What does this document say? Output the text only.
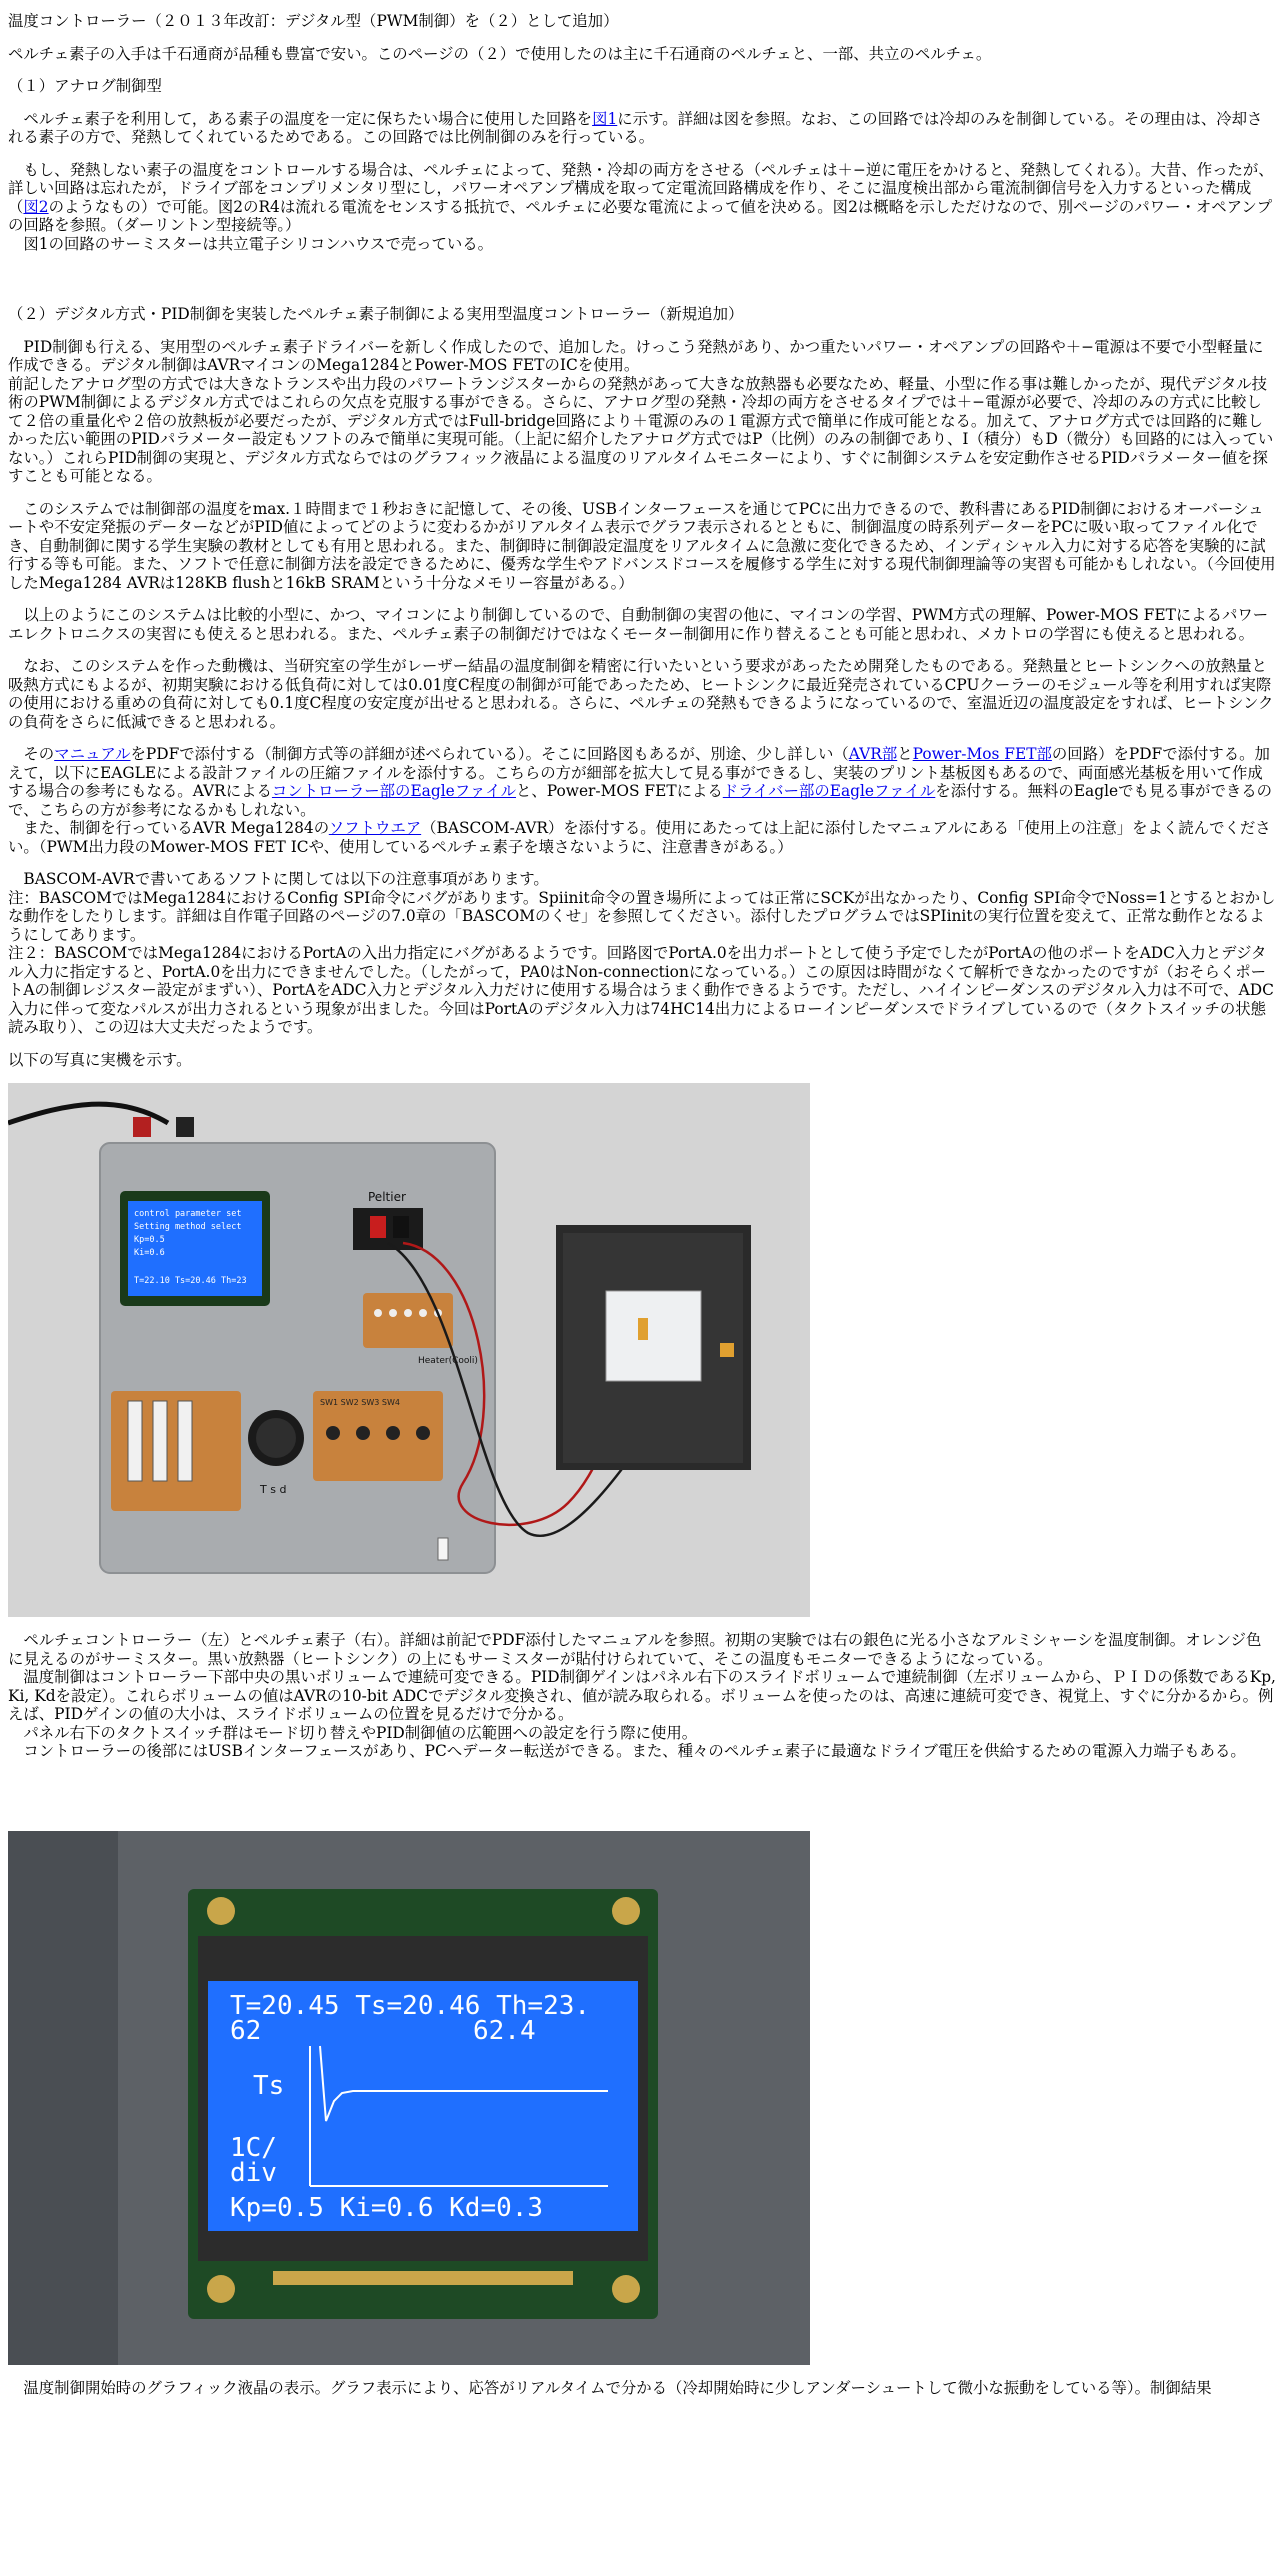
温度コントローラー（２０１３年改訂：デジタル型（PWM制御）を（２）として追加）

ペルチェ素子の入手は千石通商が品種も豊富で安い。このページの（２）で使用したのは主に千石通商のペルチェと、一部、共立のペルチェ。

（１）アナログ制御型

　ペルチェ素子を利用して，ある素子の温度を一定に保ちたい場合に使用した回路を図1に示す。詳細は図を参照。なお、この回路では冷却のみを制御している。その理由は、冷却される素子の方で、発熱してくれているためである。この回路では比例制御のみを行っている。

　もし、発熱しない素子の温度をコントロールする場合は、ペルチェによって、発熱・冷却の両方をさせる（ペルチェは＋−逆に電圧をかけると、発熱してくれる）。大昔、作ったが、詳しい回路は忘れたが，ドライブ部をコンプリメンタリ型にし，パワーオペアンプ構成を取って定電流回路構成を作り、そこに温度検出部から電流制御信号を入力するといった構成（図2のようなもの）で可能。図2のR4は流れる電流をセンスする抵抗で、ペルチェに必要な電流によって値を決める。図2は概略を示しただけなので、別ページのパワー・オペアンプの回路を参照。（ダーリントン型接続等。）

　図1の回路のサーミスターは共立電子シリコンハウスで売っている。

（２）デジタル方式・PID制御を実装したペルチェ素子制御による実用型温度コントローラー（新規追加）

　PID制御も行える、実用型のペルチェ素子ドライバーを新しく作成したので、追加した。けっこう発熱があり、かつ重たいパワー・オペアンプの回路や＋−電源は不要で小型軽量に作成できる。デジタル制御はAVRマイコンのMega1284とPower-MOS FETのICを使用。

前記したアナログ型の方式では大きなトランスや出力段のパワートランジスターからの発熱があって大きな放熱器も必要なため、軽量、小型に作る事は難しかったが、現代デジタル技術のPWM制御によるデジタル方式ではこれらの欠点を克服する事ができる。さらに、アナログ型の発熱・冷却の両方をさせるタイプでは＋−電源が必要で、冷却のみの方式に比較して２倍の重量化や２倍の放熱板が必要だったが、デジタル方式ではFull-bridge回路により＋電源のみの１電源方式で簡単に作成可能となる。加えて、アナログ方式では回路的に難しかった広い範囲のPIDパラメーター設定もソフトのみで簡単に実現可能。（上記に紹介したアナログ方式ではP（比例）のみの制御であり、I（積分）もD（微分）も回路的には入っていない。）これらPID制御の実現と、デジタル方式ならではのグラフィック液晶による温度のリアルタイムモニターにより、すぐに制御システムを安定動作させるPIDパラメーター値を探すことも可能となる。

　このシステムでは制御部の温度をmax.１時間まで１秒おきに記憶して、その後、USBインターフェースを通じてPCに出力できるので、教科書にあるPID制御におけるオーバーシュートや不安定発振のデーターなどがPID値によってどのように変わるかがリアルタイム表示でグラフ表示されるとともに、制御温度の時系列データーをPCに吸い取ってファイル化でき、自動制御に関する学生実験の教材としても有用と思われる。また、制御時に制御設定温度をリアルタイムに急激に変化できるため、インディシャル入力に対する応答を実験的に試行する等も可能。また、ソフトで任意に制御方法を設定できるために、優秀な学生やアドバンスドコースを履修する学生に対する現代制御理論等の実習も可能かもしれない。（今回使用したMega1284 AVRは128KB flushと16kB SRAMという十分なメモリー容量がある。）

　以上のようにこのシステムは比較的小型に、かつ、マイコンにより制御しているので、自動制御の実習の他に、マイコンの学習、PWM方式の理解、Power-MOS FETによるパワーエレクトロニクスの実習にも使えると思われる。また、ペルチェ素子の制御だけではなくモーター制御用に作り替えることも可能と思われ、メカトロの学習にも使えると思われる。

　なお、このシステムを作った動機は、当研究室の学生がレーザー結晶の温度制御を精密に行いたいという要求があったため開発したものである。発熱量とヒートシンクへの放熱量と吸熱方式にもよるが、初期実験における低負荷に対しては0.01度C程度の制御が可能であったため、ヒートシンクに最近発売されているCPUクーラーのモジュール等を利用すれば実際の使用における重めの負荷に対しても0.1度C程度の安定度が出せると思われる。さらに、ペルチェの発熱もできるようになっているので、室温近辺の温度設定をすれば、ヒートシンクの負荷をさらに低減できると思われる。

　そのマニュアルをPDFで添付する（制御方式等の詳細が述べられている）。そこに回路図もあるが、別途、少し詳しい（AVR部とPower-Mos FET部の回路）をPDFで添付する。加えて，以下にEAGLEによる設計ファイルの圧縮ファイルを添付する。こちらの方が細部を拡大して見る事ができるし、実装のプリント基板図もあるので、両面感光基板を用いて作成する場合の参考にもなる。AVRによるコントローラー部のEagleファイルと、Power-MOS FETによるドライバー部のEagleファイルを添付する。無料のEagleでも見る事ができるので、こちらの方が参考になるかもしれない。

　また、制御を行っているAVR Mega1284のソフトウエア（BASCOM-AVR）を添付する。使用にあたっては上記に添付したマニュアルにある「使用上の注意」をよく読んでください。（PWM出力段のMower-MOS FET ICや、使用しているペルチェ素子を壊さないように、注意書きがある。）

　BASCOM-AVRで書いてあるソフトに関しては以下の注意事項があります。

注：BASCOMではMega1284におけるConfig SPI命令にバグがあります。Spiinit命令の置き場所によっては正常にSCKが出なかったり、Config SPI命令でNoss=1とするとおかしな動作をしたりします。詳細は自作電子回路のページの7.0章の「BASCOMのくせ」を参照してください。添付したプログラムではSPIinitの実行位置を変えて、正常な動作となるようにしてあります。

注２：BASCOMではMega1284におけるPortAの入出力指定にバグがあるようです。回路図でPortA.0を出力ポートとして使う予定でしたがPortAの他のポートをADC入力とデジタル入力に指定すると、PortA.0を出力にできませんでした。（したがって，PA0はNon-connectionになっている。）この原因は時間がなくて解析できなかったのですが（おそらくポートAの制御レジスター設定がまずい）、PortAをADC入力とデジタル入力だけに使用する場合はうまく動作できるようです。ただし、ハイインピーダンスのデジタル入力は不可で、ADC入力に伴って変なパルスが出力されるという現象が出ました。今回はPortAのデジタル入力は74HC14出力によるローインピーダンスでドライブしているので（タクトスイッチの状態読み取り）、この辺は大丈夫だったようです。

以下の写真に実機を示す。

control parameter set
Setting method select
Kp=0.5
Ki=0.6
T=22.10 Ts=20.46 Th=23
Peltier
Heater(Cooli)
T s d
SW1 SW2 SW3 SW4

　ペルチェコントローラー（左）とペルチェ素子（右）。詳細は前記でPDF添付したマニュアルを参照。初期の実験では右の銀色に光る小さなアルミシャーシを温度制御。オレンジ色に見えるのがサーミスター。黒い放熱器（ヒートシンク）の上にもサーミスターが貼付けられていて、そこの温度もモニターできるようになっている。

　温度制御はコントローラー下部中央の黒いボリュームで連続可変できる。PID制御ゲインはパネル右下のスライドボリュームで連続制御（左ボリュームから、ＰＩＤの係数であるKp, Ki, Kdを設定）。これらボリュームの値はAVRの10-bit ADCでデジタル変換され、値が読み取られる。ボリュームを使ったのは、高速に連続可変でき、視覚上、すぐに分かるから。例えば、PIDゲインの値の大小は、スライドボリュームの位置を見るだけで分かる。

　パネル右下のタクトスイッチ群はモード切り替えやPID制御値の広範囲への設定を行う際に使用。

　コントローラーの後部にはUSBインターフェースがあり、PCへデーター転送ができる。また、種々のペルチェ素子に最適なドライブ電圧を供給するための電源入力端子もある。

T=20.45 Ts=20.46 Th=23.
62	62.4
Ts
1C/
div
Kp=0.5 Ki=0.6 Kd=0.3

　温度制御開始時のグラフィック液晶の表示。グラフ表示により、応答がリアルタイムで分かる（冷却開始時に少しアンダーシュートして微小な振動をしている等）。制御結果
